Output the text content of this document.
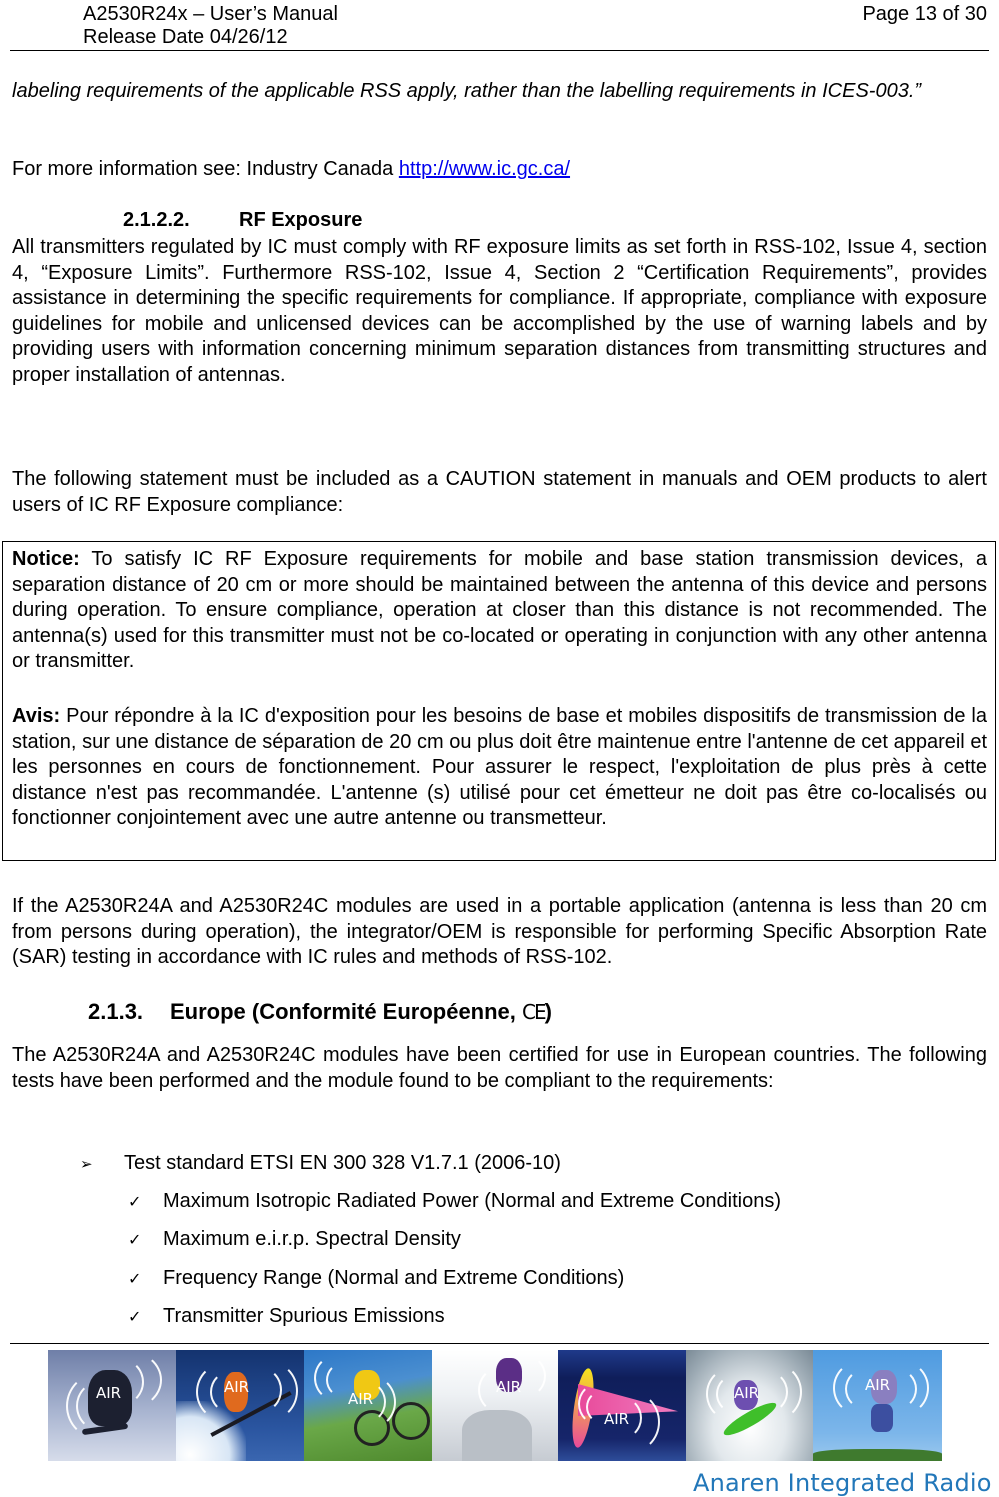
A2530R24x – User’s Manual
Release Date 04/26/12
Page 13 of 30
labeling requirements of the applicable RSS apply, rather than the labelling requirements in ICES-003.”
For more information see: Industry Canada http://www.ic.gc.ca/
2.1.2.2. RF Exposure
All transmitters regulated by IC must comply with RF exposure limits as set forth in RSS-102, Issue 4, section 4, “Exposure Limits”. Furthermore RSS-102, Issue 4, Section 2 “Certification Requirements”, provides assistance in determining the specific requirements for compliance. If appropriate, compliance with exposure guidelines for mobile and unlicensed devices can be accomplished by the use of warning labels and by providing users with information concerning minimum separation distances from transmitting structures and proper installation of antennas.
The following statement must be included as a CAUTION statement in manuals and OEM products to alert users of IC RF Exposure compliance:
Notice: To satisfy IC RF Exposure requirements for mobile and base station transmission devices, a separation distance of 20 cm or more should be maintained between the antenna of this device and persons during operation. To ensure compliance, operation at closer than this distance is not recommended. The antenna(s) used for this transmitter must not be co-located or operating in conjunction with any other antenna or transmitter.
Avis: Pour répondre à la IC d'exposition pour les besoins de base et mobiles dispositifs de transmission de la station, sur une distance de séparation de 20 cm ou plus doit être maintenue entre l'antenne de cet appareil et les personnes en cours de fonctionnement. Pour assurer le respect, l'exploitation de plus près à cette distance n'est pas recommandée. L'antenne (s) utilisé pour cet émetteur ne doit pas être co-localisés ou fonctionner conjointement avec une autre antenne ou transmetteur.
If the A2530R24A and A2530R24C modules are used in a portable application (antenna is less than 20 cm from persons during operation), the integrator/OEM is responsible for performing Specific Absorption Rate (SAR) testing in accordance with IC rules and methods of RSS-102.
2.1.3. Europe (Conformité Européenne, CE)
The A2530R24A and A2530R24C modules have been certified for use in European countries. The following tests have been performed and the module found to be compliant to the requirements:
➢	Test standard ETSI EN 300 328 V1.7.1 (2006-10)
✓	Maximum Isotropic Radiated Power (Normal and Extreme Conditions)
✓	Maximum e.i.r.p. Spectral Density
✓	Frequency Range (Normal and Extreme Conditions)
✓	Transmitter Spurious Emissions
AIR	AIR
AIR
AIR
AIR
AIR	AIR
Anaren Integrated Radio
